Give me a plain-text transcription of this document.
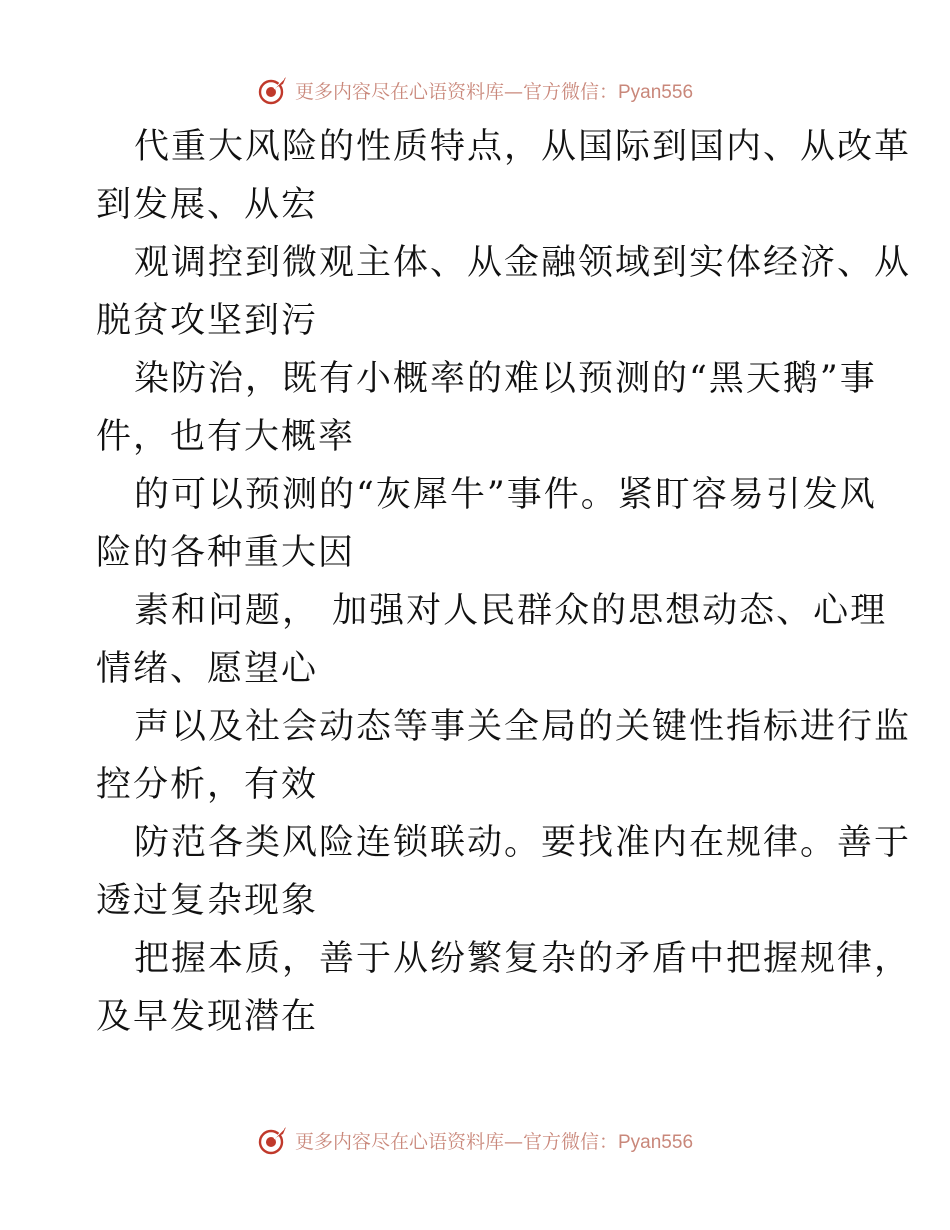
更多内容尽在心语资料库—官方微信：Pyan556
代重大风险的性质特点，从国际到国内、从改革
到发展、从宏
观调控到微观主体、从金融领域到实体经济、从
脱贫攻坚到污
染防治，既有小概率的难以预测的“黑天鹅”事
件，也有大概率
的可以预测的“灰犀牛”事件。紧盯容易引发风
险的各种重大因
素和问题， 加强对人民群众的思想动态、心理
情绪、愿望心
声以及社会动态等事关全局的关键性指标进行监
控分析，有效
防范各类风险连锁联动。要找准内在规律。善于
透过复杂现象
把握本质，善于从纷繁复杂的矛盾中把握规律，
及早发现潜在
更多内容尽在心语资料库—官方微信：Pyan556
